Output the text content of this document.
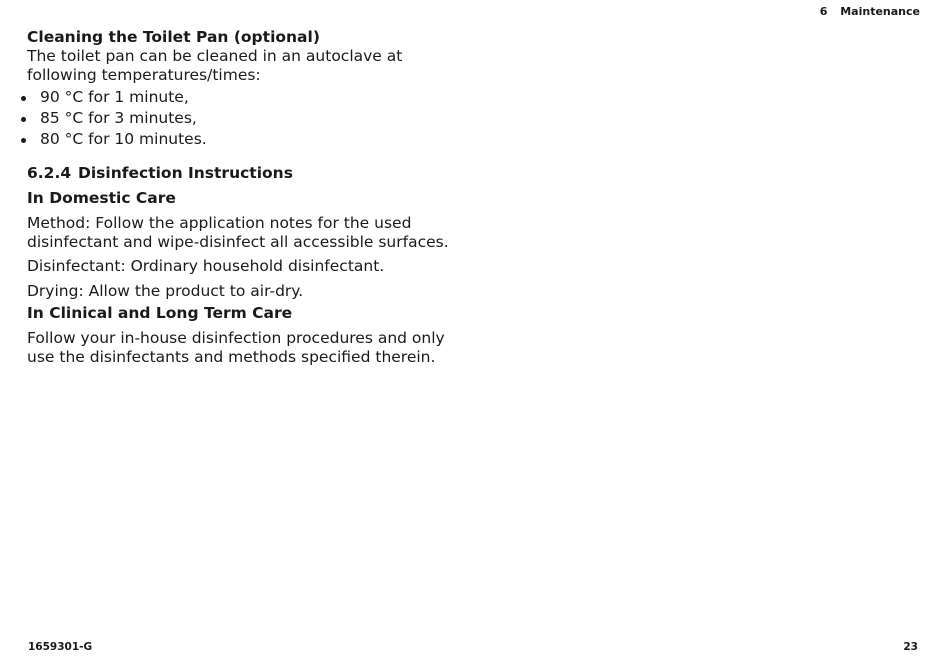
6 Maintenance
Cleaning the Toilet Pan (optional)

The toilet pan can be cleaned in an autoclave at following temperatures/times:

90 °C for 1 minute,
85 °C for 3 minutes,
80 °C for 10 minutes.
6.2.4 Disinfection Instructions
In Domestic Care

Method: Follow the application notes for the used disinfectant and wipe-disinfect all accessible surfaces.

Disinfectant: Ordinary household disinfectant.

Drying: Allow the product to air-dry.

In Clinical and Long Term Care

Follow your in-house disinfection procedures and only use the disinfectants and methods specified therein.

1659301-G	23
